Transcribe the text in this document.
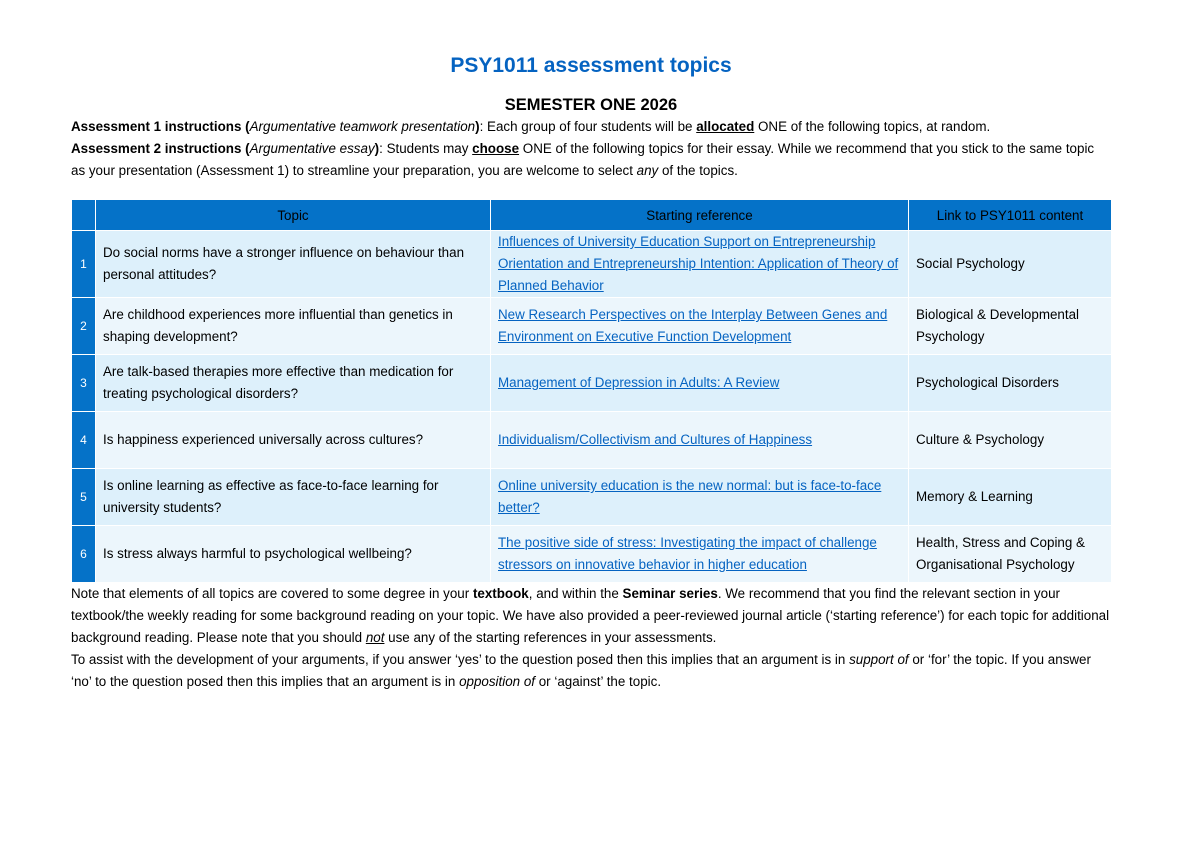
PSY1011 assessment topics
SEMESTER ONE 2026

Assessment 1 instructions (Argumentative teamwork presentation): Each group of four students will be allocated ONE of the following topics, at random.

Assessment 2 instructions (Argumentative essay): Students may choose ONE of the following topics for their essay. While we recommend that you stick to the same topic as your presentation (Assessment 1) to streamline your preparation, you are welcome to select any of the topics.

	Topic	Starting reference	Link to PSY1011 content
1	Do social norms have a stronger influence on behaviour than personal attitudes?	Influences of University Education Support on Entrepreneurship Orientation and Entrepreneurship Intention: Application of Theory of Planned Behavior	Social Psychology
2	Are childhood experiences more influential than genetics in shaping development?	New Research Perspectives on the Interplay Between Genes and Environment on Executive Function Development	Biological & Developmental Psychology
3	Are talk-based therapies more effective than medication for treating psychological disorders?	Management of Depression in Adults: A Review	Psychological Disorders
4	Is happiness experienced universally across cultures?	Individualism/Collectivism and Cultures of Happiness	Culture & Psychology
5	Is online learning as effective as face-to-face learning for university students?	Online university education is the new normal: but is face-to-face better?	Memory & Learning
6	Is stress always harmful to psychological wellbeing?	The positive side of stress: Investigating the impact of challenge stressors on innovative behavior in higher education	Health, Stress and Coping & Organisational Psychology

Note that elements of all topics are covered to some degree in your textbook, and within the Seminar series. We recommend that you find the relevant section in your textbook/the weekly reading for some background reading on your topic. We have also provided a peer-reviewed journal article (‘starting reference’) for each topic for additional background reading. Please note that you should not use any of the starting references in your assessments.

To assist with the development of your arguments, if you answer ‘yes’ to the question posed then this implies that an argument is in support of or ‘for’ the topic. If you answer ‘no’ to the question posed then this implies that an argument is in opposition of or ‘against’ the topic.
